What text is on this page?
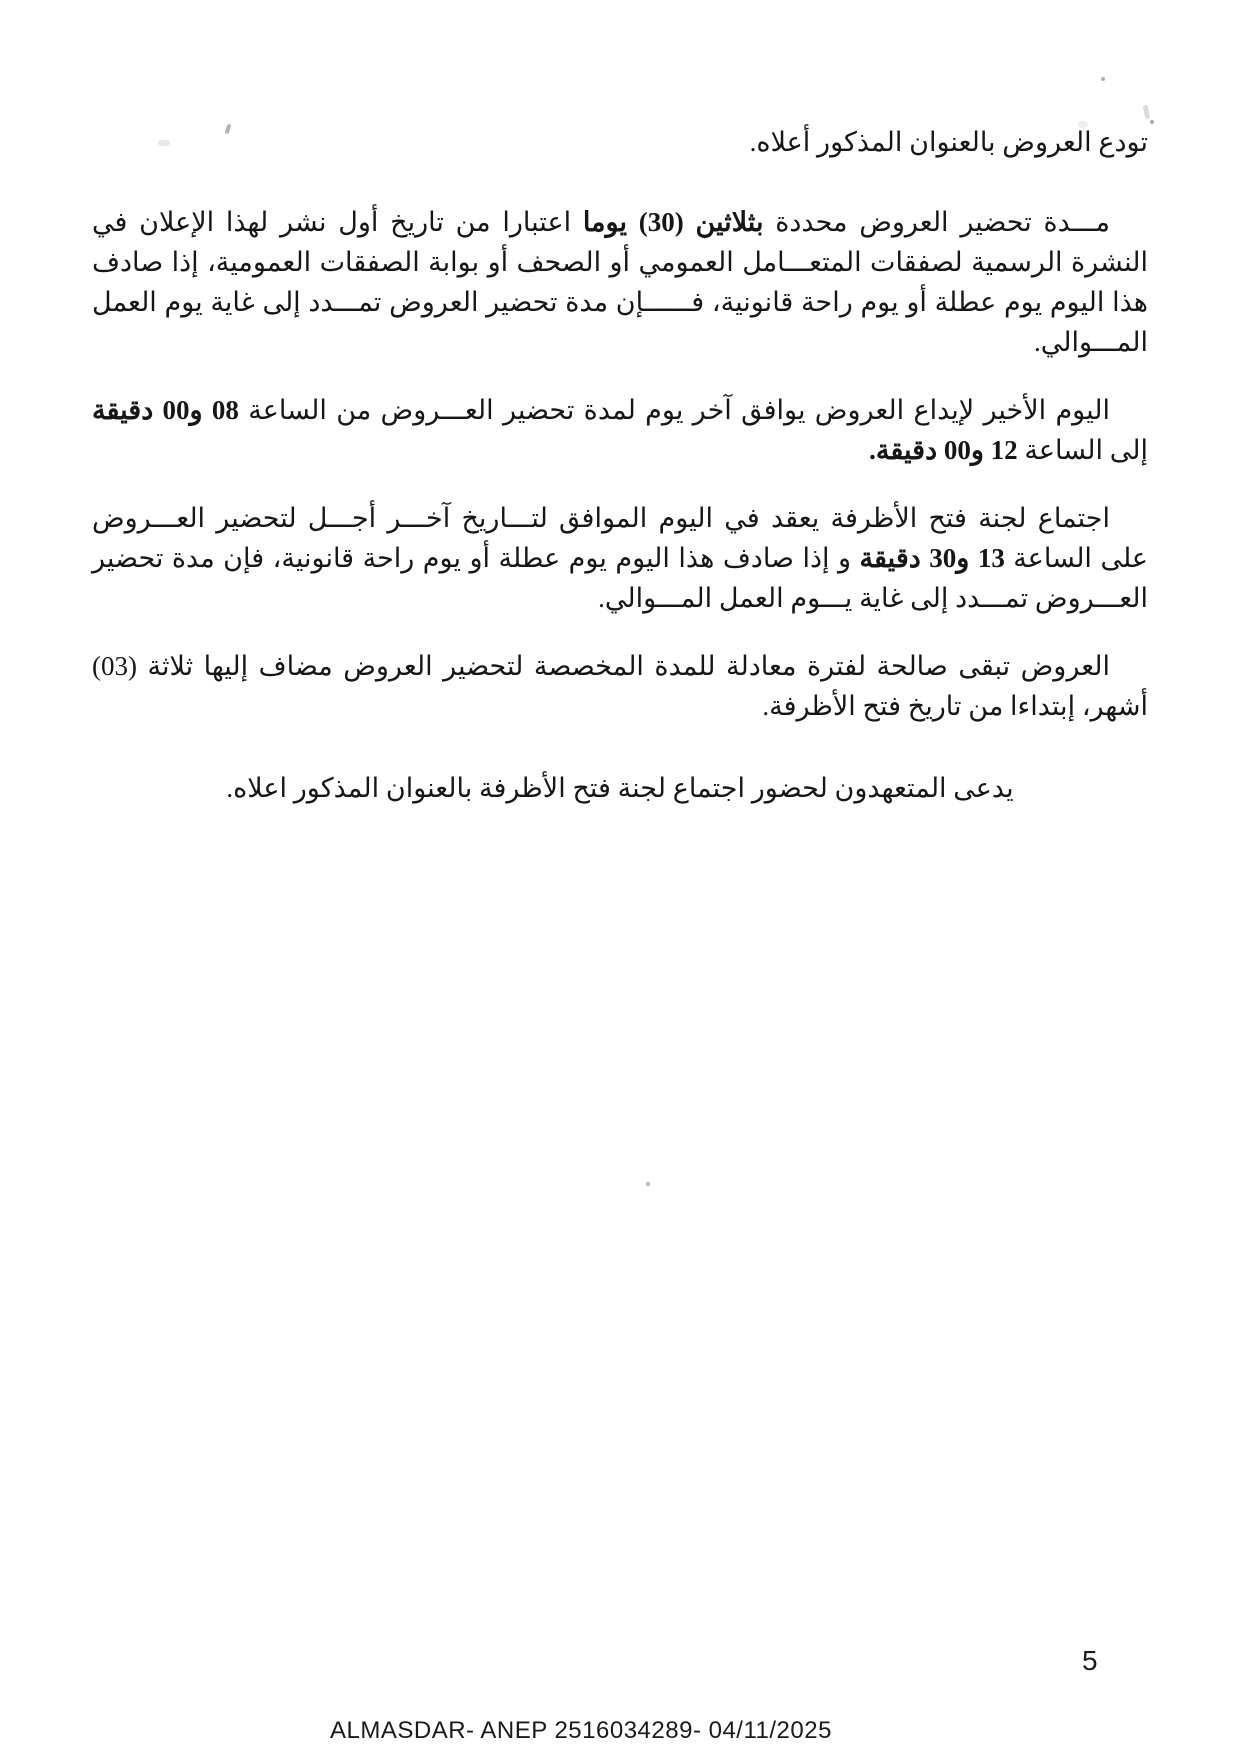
تودع العروض بالعنوان المذكور أعلاه.

مـــدة تحضير العروض محددة بثلاثين (30) يوما اعتبارا من تاريخ أول نشر لهذا الإعلان في النشرة الرسمية لصفقات المتعـــامل العمومي أو الصحف أو بوابة الصفقات العمومية، إذا صادف هذا اليوم يوم عطلة أو يوم راحة قانونية، فــــــإن مدة تحضير العروض تمـــدد إلى غاية يوم العمل المـــوالي.

اليوم الأخير لإيداع العروض يوافق آخر يوم لمدة تحضير العـــروض من الساعة 08 و00 دقيقة إلى الساعة 12 و00 دقيقة.

اجتماع لجنة فتح الأظرفة يعقد في اليوم الموافق لتـــاريخ آخـــر أجـــل لتحضير العـــروض على الساعة 13 و30 دقيقة و إذا صادف هذا اليوم يوم عطلة أو يوم راحة قانونية، فإن مدة تحضير العـــروض تمـــدد إلى غاية يـــوم العمل المـــوالي.

العروض تبقى صالحة لفترة معادلة للمدة المخصصة لتحضير العروض مضاف إليها ثلاثة (03) أشهر، إبتداءا من تاريخ فتح الأظرفة.

يدعى المتعهدون لحضور اجتماع لجنة فتح الأظرفة بالعنوان المذكور اعلاه.

5
ALMASDAR- ANEP 2516034289- 04/11/2025
